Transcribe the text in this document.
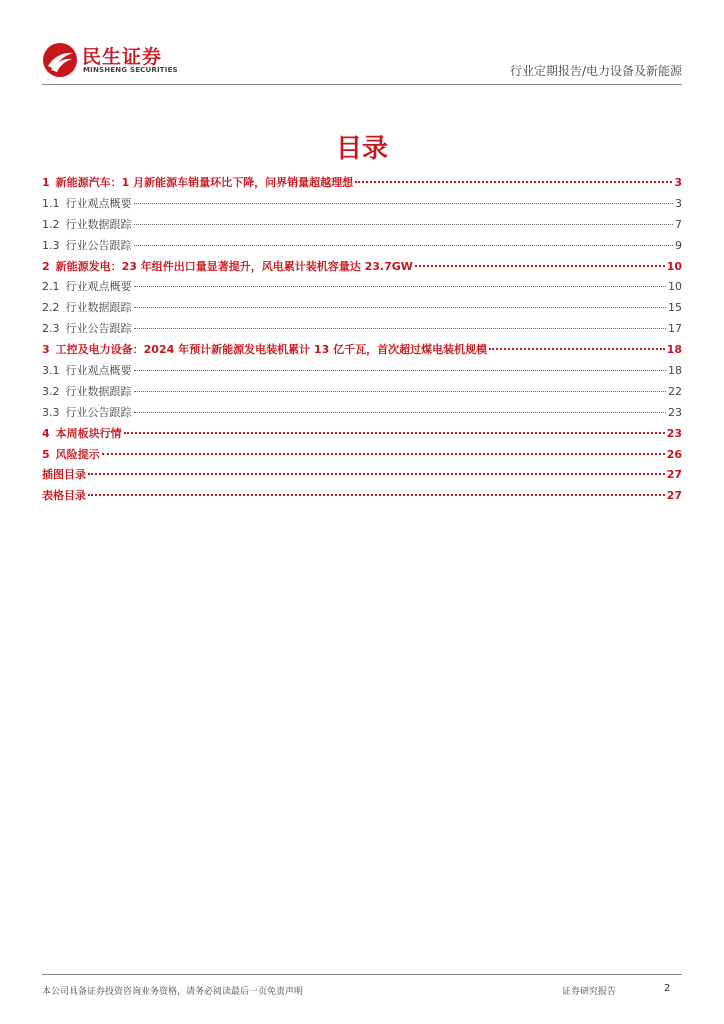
民生证券
MINSHENG SECURITIES	行业定期报告/电力设备及新能源
目录
1 新能源汽车：1 月新能源车销量环比下降，问界销量超越理想	3
1.1 行业观点概要	3
1.2 行业数据跟踪	7
1.3 行业公告跟踪	9
2 新能源发电：23 年组件出口量显著提升，风电累计装机容量达 23.7GW	10
2.1 行业观点概要	10
2.2 行业数据跟踪	15
2.3 行业公告跟踪	17
3 工控及电力设备：2024 年预计新能源发电装机累计 13 亿千瓦，首次超过煤电装机规模	18
3.1 行业观点概要	18
3.2 行业数据跟踪	22
3.3 行业公告跟踪	23
4 本周板块行情	23
5 风险提示	26
插图目录	27
表格目录	27
本公司具备证券投资咨询业务资格，请务必阅读最后一页免责声明	证券研究报告	2
